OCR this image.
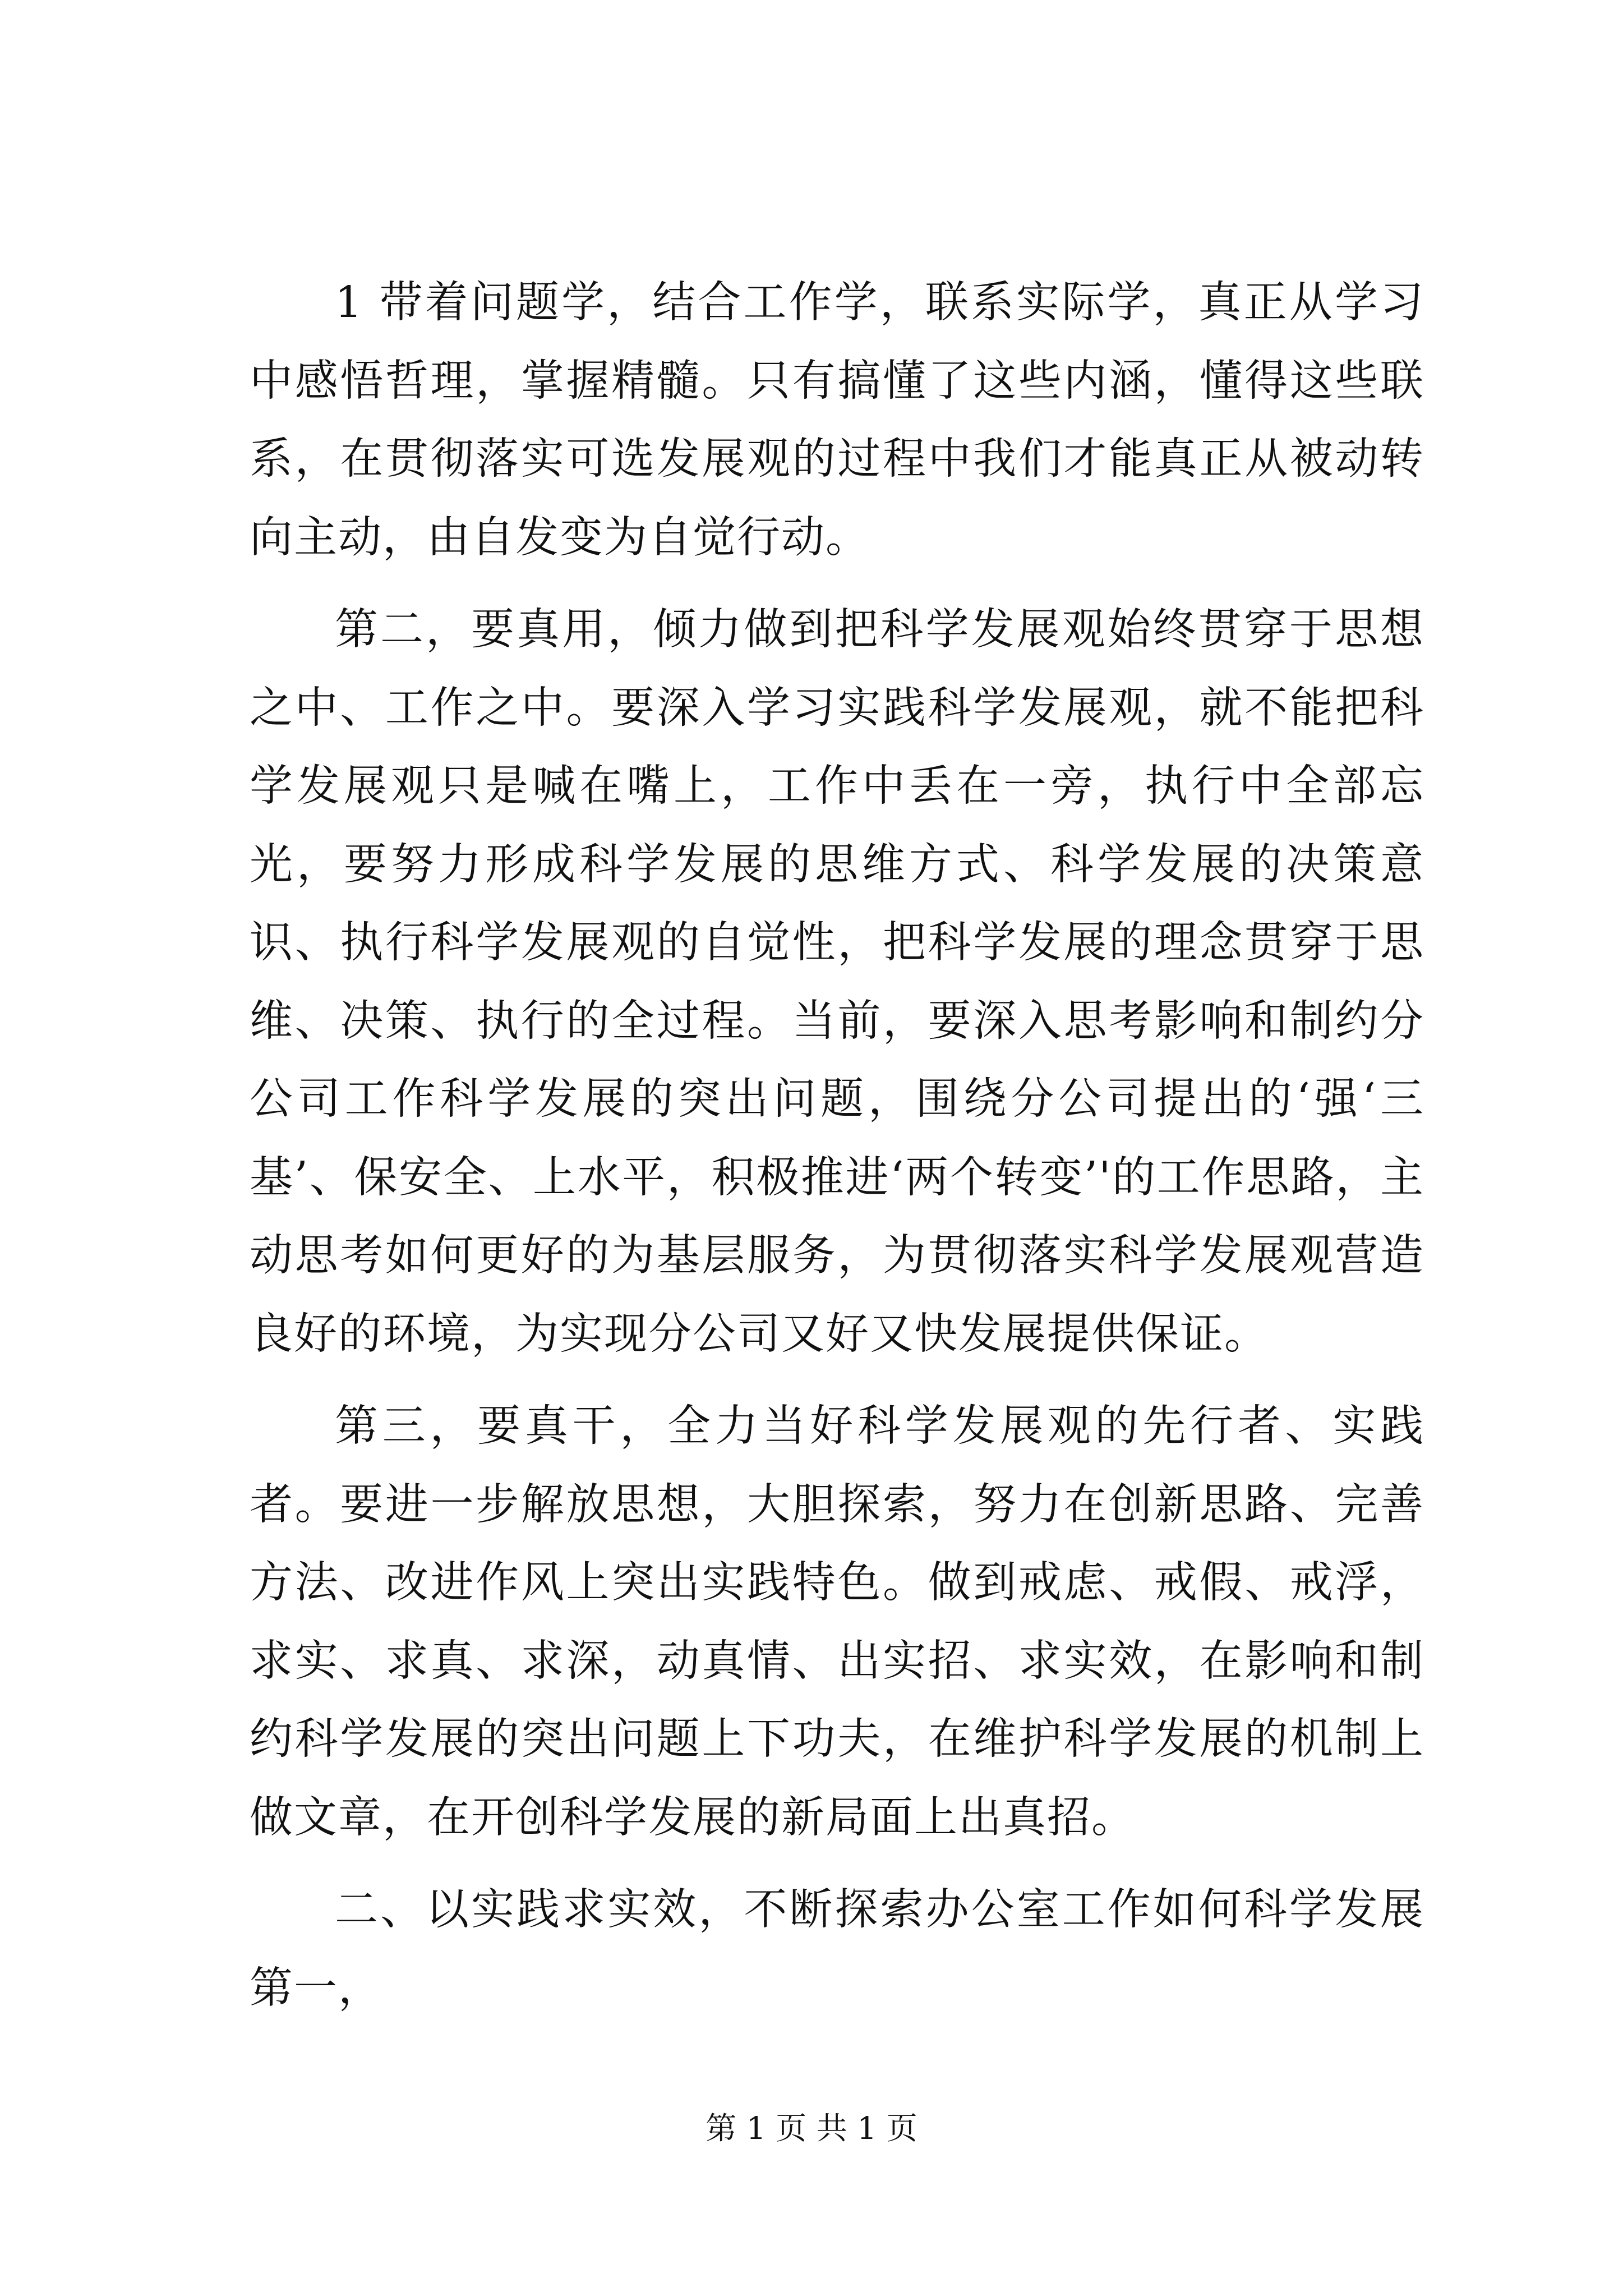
1 带着问题学，结合工作学，联系实际学，真正从学习中感悟哲理，掌握精髓。只有搞懂了这些内涵，懂得这些联系，在贯彻落实可选发展观的过程中我们才能真正从被动转向主动，由自发变为自觉行动。

第二，要真用，倾力做到把科学发展观始终贯穿于思想之中、工作之中。要深入学习实践科学发展观，就不能把科学发展观只是喊在嘴上，工作中丢在一旁，执行中全部忘光，要努力形成科学发展的思维方式、科学发展的决策意识、执行科学发展观的自觉性，把科学发展的理念贯穿于思维、决策、执行的全过程。当前，要深入思考影响和制约分公司工作科学发展的突出问题，围绕分公司提出的‘强‘三基’、保安全、上水平，积极推进‘两个转变’'的工作思路，主动思考如何更好的为基层服务，为贯彻落实科学发展观营造良好的环境，为实现分公司又好又快发展提供保证。

第三，要真干，全力当好科学发展观的先行者、实践者。要进一步解放思想，大胆探索，努力在创新思路、完善方法、改进作风上突出实践特色。做到戒虑、戒假、戒浮，求实、求真、求深，动真情、出实招、求实效，在影响和制约科学发展的突出问题上下功夫，在维护科学发展的机制上做文章，在开创科学发展的新局面上出真招。

二、以实践求实效，不断探索办公室工作如何科学发展第一，

第 1 页 共 1 页
